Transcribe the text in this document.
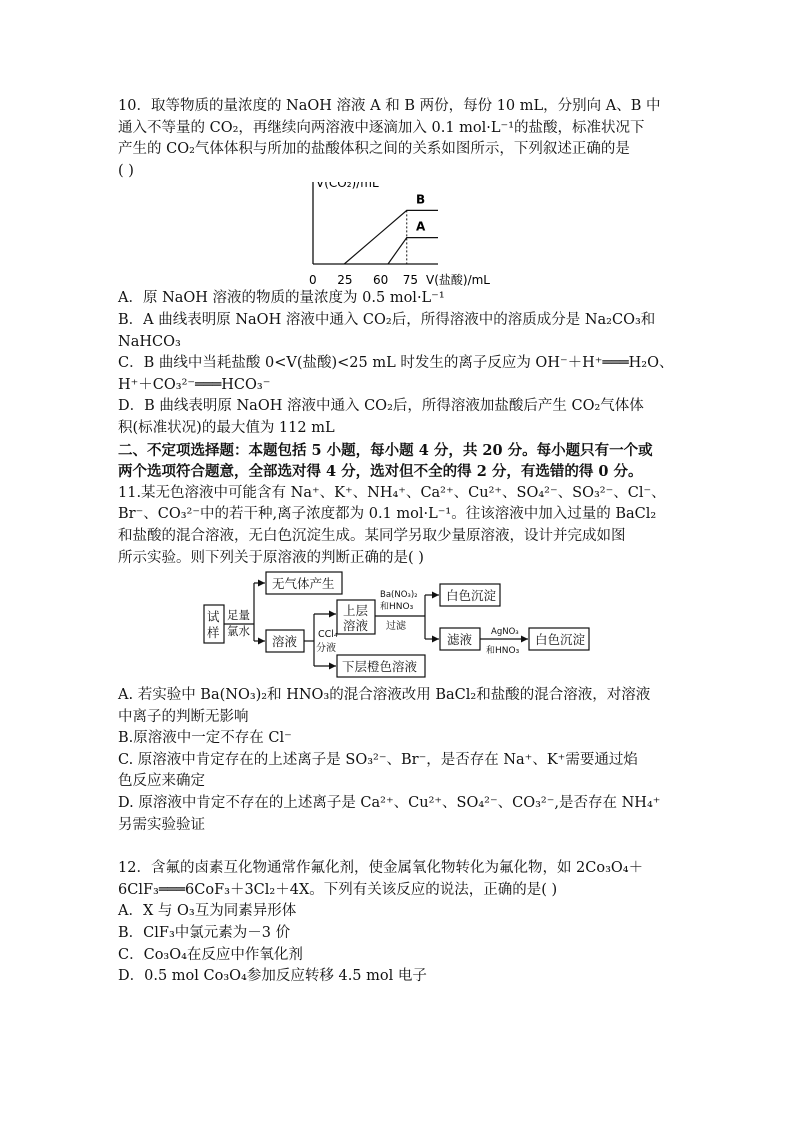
10．取等物质的量浓度的 NaOH 溶液 A 和 B 两份，每份 10 mL，分别向 A、B 中

通入不等量的 CO₂，再继续向两溶液中逐滴加入 0.1 mol·L⁻¹的盐酸，标准状况下

产生的 CO₂气体体积与所加的盐酸体积之间的关系如图所示，下列叙述正确的是

( )

V(CO₂)/mL
V(盐酸)/mL
B
A
0 25 60 75

A．原 NaOH 溶液的物质的量浓度为 0.5 mol·L⁻¹

B．A 曲线表明原 NaOH 溶液中通入 CO₂后，所得溶液中的溶质成分是 Na₂CO₃和

NaHCO₃

C．B 曲线中当耗盐酸 0<V(盐酸)<25 mL 时发生的离子反应为 OH⁻＋H⁺═══H₂O、

H⁺＋CO₃²⁻═══HCO₃⁻

D．B 曲线表明原 NaOH 溶液中通入 CO₂后，所得溶液加盐酸后产生 CO₂气体体

积(标准状况)的最大值为 112 mL

二、不定项选择题：本题包括 5 小题，每小题 4 分，共 20 分。每小题只有一个或

两个选项符合题意，全部选对得 4 分，选对但不全的得 2 分，有选错的得 0 分。

11.某无色溶液中可能含有 Na⁺、K⁺、NH₄⁺、Ca²⁺、Cu²⁺、SO₄²⁻、SO₃²⁻、Cl⁻、

Br⁻、CO₃²⁻中的若干种,离子浓度都为 0.1 mol·L⁻¹。往该溶液中加入过量的 BaCl₂

和盐酸的混合溶液，无白色沉淀生成。某同学另取少量原溶液，设计并完成如图

所示实验。则下列关于原溶液的判断正确的是( )

试
样
足量
氯水
无气体产生
溶液 CCl₄
分液
上层
溶液
Ba(NO₃)₂
和HNO₃
过滤
白色沉淀
滤液 AgNO₃
和HNO₃
白色沉淀
下层橙色溶液

A. 若实验中 Ba(NO₃)₂和 HNO₃的混合溶液改用 BaCl₂和盐酸的混合溶液，对溶液

中离子的判断无影响

B.原溶液中一定不存在 Cl⁻

C. 原溶液中肯定存在的上述离子是 SO₃²⁻、Br⁻，是否存在 Na⁺、K⁺需要通过焰

色反应来确定

D. 原溶液中肯定不存在的上述离子是 Ca²⁺、Cu²⁺、SO₄²⁻、CO₃²⁻,是否存在 NH₄⁺

另需实验验证

12．含氟的卤素互化物通常作氟化剂，使金属氧化物转化为氟化物，如 2Co₃O₄＋

6ClF₃═══6CoF₃＋3Cl₂＋4X。下列有关该反应的说法，正确的是( )

A．X 与 O₃互为同素异形体

B．ClF₃中氯元素为－3 价

C．Co₃O₄在反应中作氧化剂

D．0.5 mol Co₃O₄参加反应转移 4.5 mol 电子
